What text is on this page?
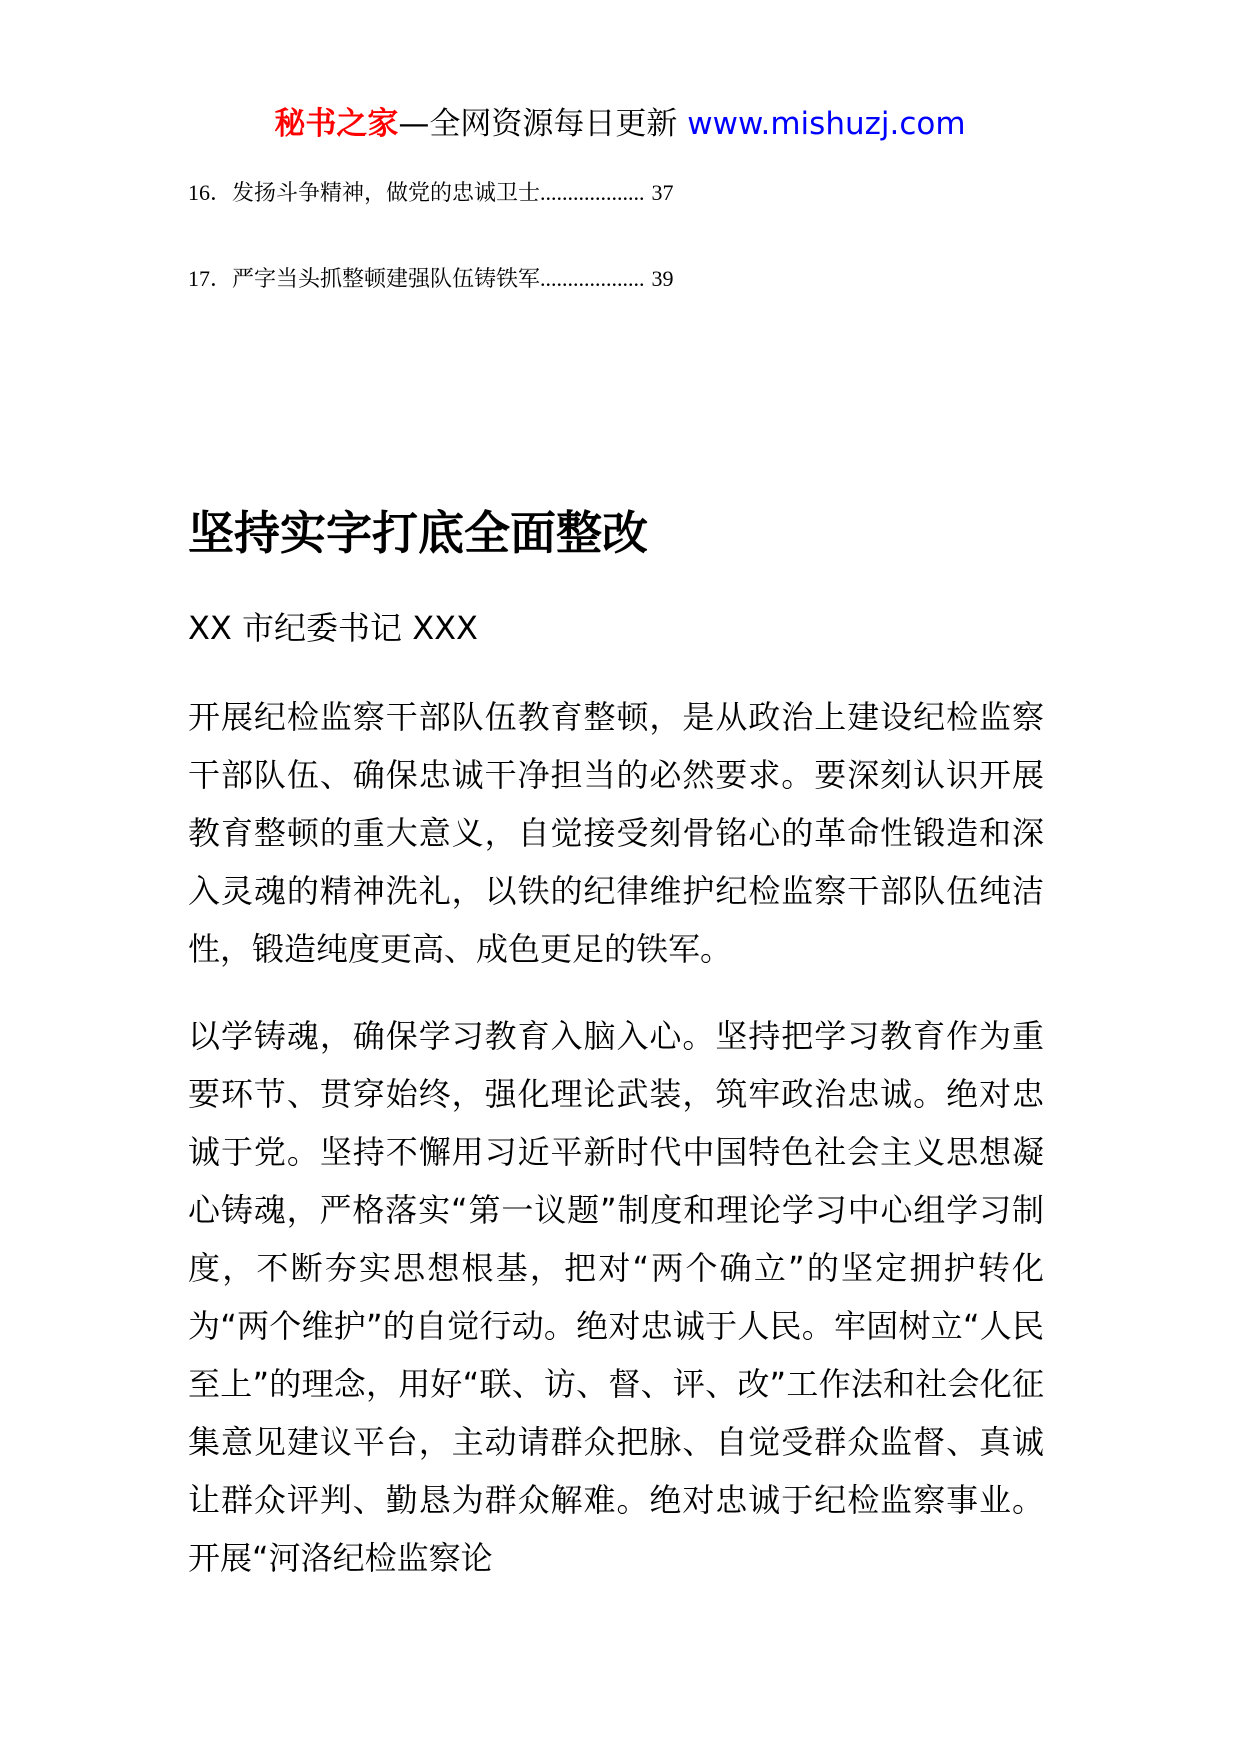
秘书之家—全网资源每日更新 www.mishuzj.com
16．发扬斗争精神，做党的忠诚卫士................... 37
17．严字当头抓整顿建强队伍铸铁军................... 39
坚持实字打底全面整改
XX 市纪委书记 XXX

开展纪检监察干部队伍教育整顿，是从政治上建设纪检监察干部队伍、确保忠诚干净担当的必然要求。要深刻认识开展教育整顿的重大意义，自觉接受刻骨铭心的革命性锻造和深入灵魂的精神洗礼，以铁的纪律维护纪检监察干部队伍纯洁性，锻造纯度更高、成色更足的铁军。

以学铸魂，确保学习教育入脑入心。坚持把学习教育作为重要环节、贯穿始终，强化理论武装，筑牢政治忠诚。绝对忠诚于党。坚持不懈用习近平新时代中国特色社会主义思想凝心铸魂，严格落实“第一议题”制度和理论学习中心组学习制度，不断夯实思想根基，把对“两个确立”的坚定拥护转化为“两个维护”的自觉行动。绝对忠诚于人民。牢固树立“人民至上”的理念，用好“联、访、督、评、改”工作法和社会化征集意见建议平台，主动请群众把脉、自觉受群众监督、真诚让群众评判、勤恳为群众解难。绝对忠诚于纪检监察事业。开展“河洛纪检监察论
